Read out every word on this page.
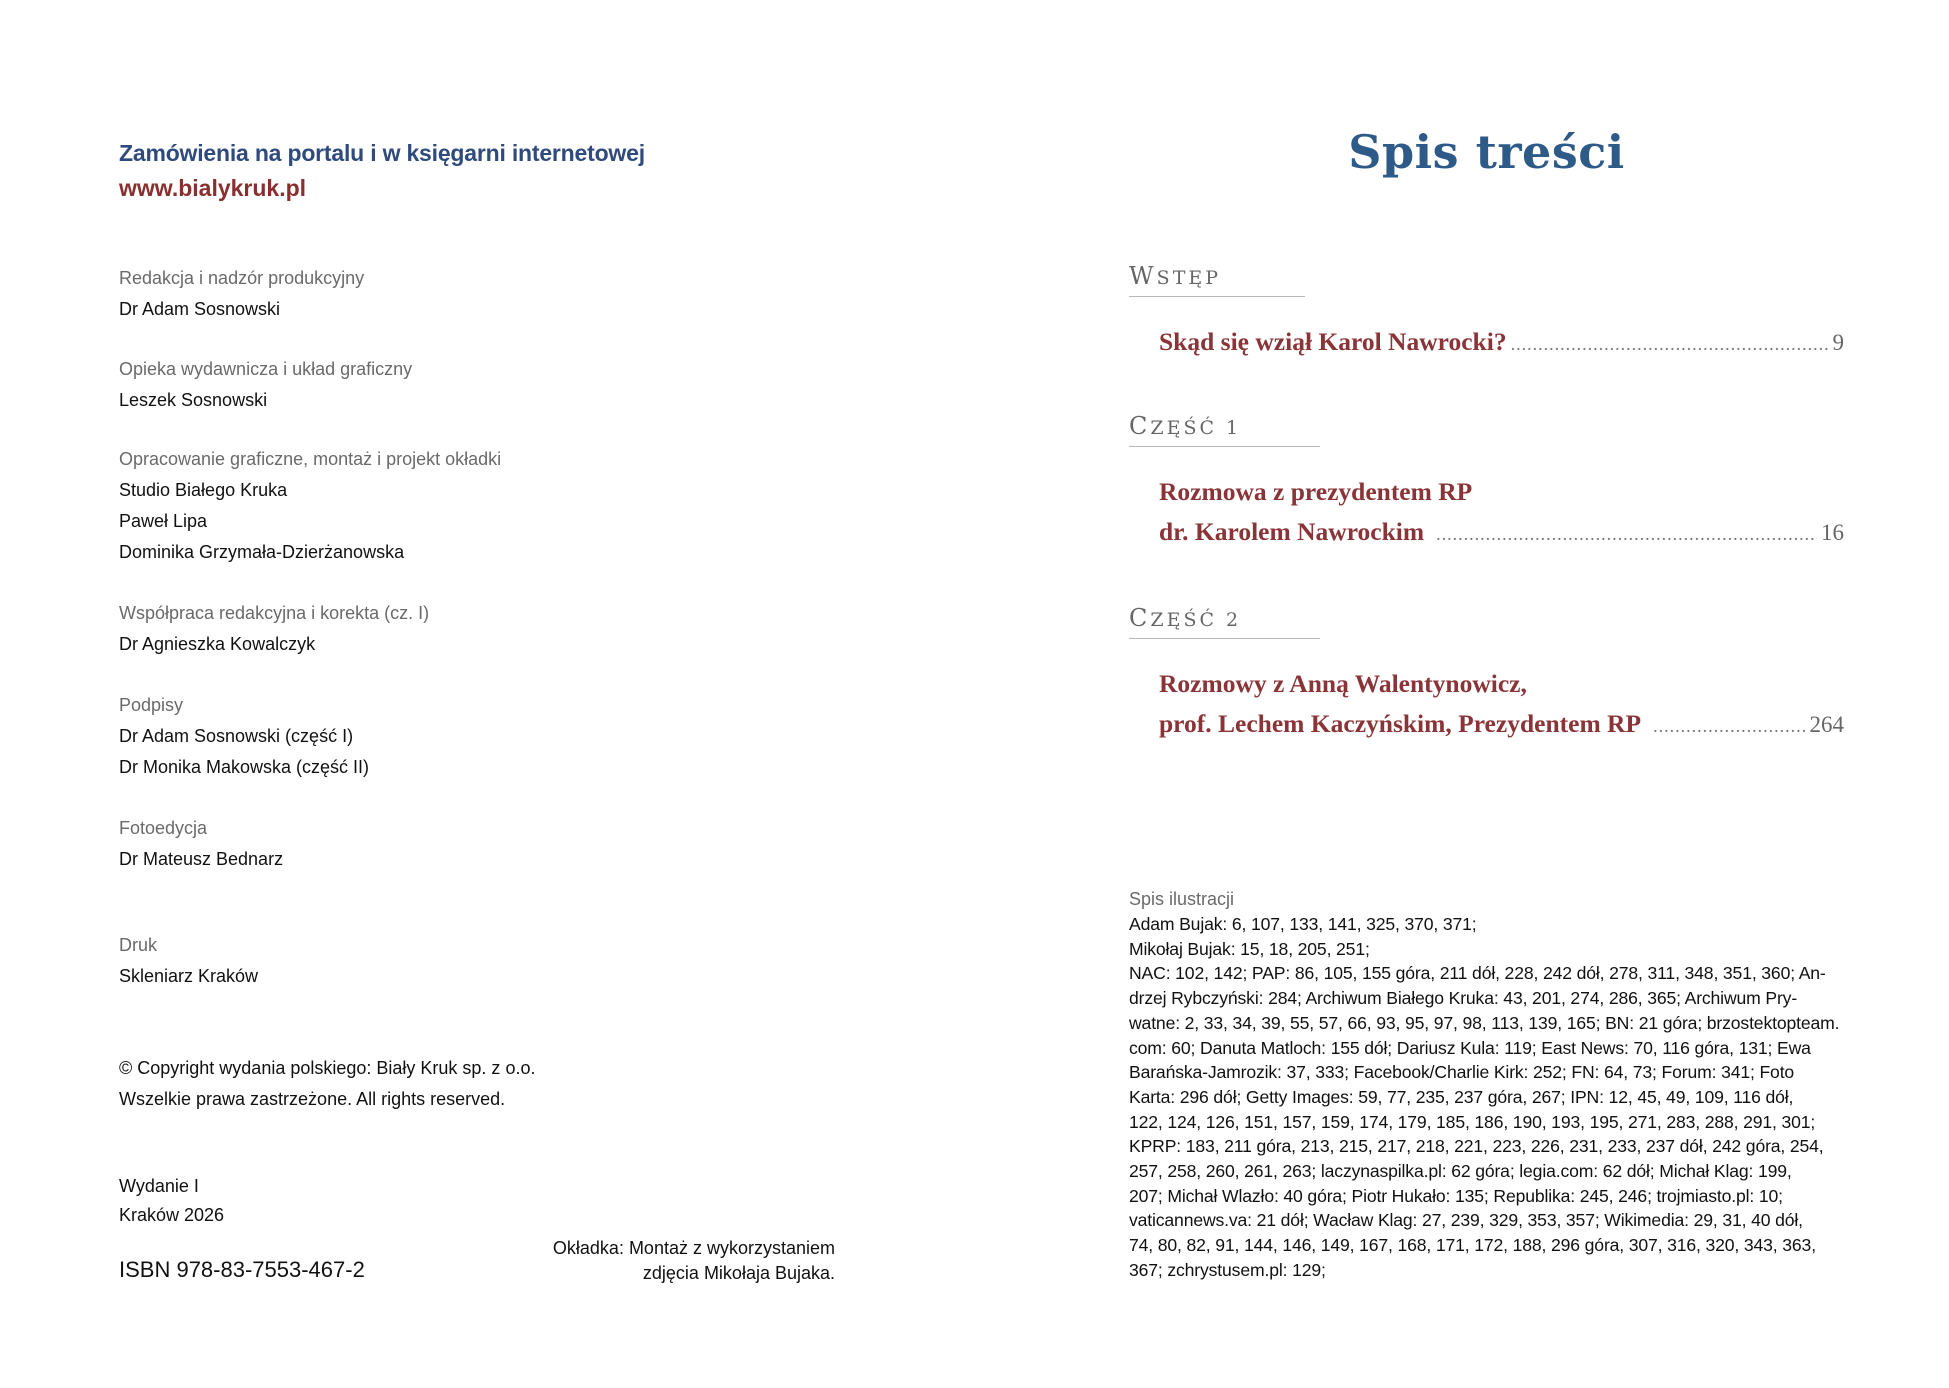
Zamówienia na portalu i w księgarni internetowej
www.bialykruk.pl
Redakcja i nadzór produkcyjny
Dr Adam Sosnowski
Opieka wydawnicza i układ graficzny
Leszek Sosnowski
Opracowanie graficzne, montaż i projekt okładki
Studio Białego Kruka
Paweł Lipa
Dominika Grzymała-Dzierżanowska
Współpraca redakcyjna i korekta (cz. I)
Dr Agnieszka Kowalczyk
Podpisy
Dr Adam Sosnowski (część I)
Dr Monika Makowska (część II)
Fotoedycja
Dr Mateusz Bednarz
Druk
Skleniarz Kraków
© Copyright wydania polskiego: Biały Kruk sp. z o.o.
Wszelkie prawa zastrzeżone. All rights reserved.
Wydanie I
Kraków 2026
ISBN 978-83-7553-467-2
Okładka: Montaż z wykorzystaniem
zdjęcia Mikołaja Bujaka.
Spis treści
WSTĘP
Skąd się wziął Karol Nawrocki? .....	9
CZĘŚĆ 1
Rozmowa z prezydentem RP
dr. Karolem Nawrockim .....	16
CZĘŚĆ 2
Rozmowy z Anną Walentynowicz,
prof. Lechem Kaczyńskim, Prezydentem RP .....	264
Spis ilustracji
Adam Bujak: 6, 107, 133, 141, 325, 370, 371;
Mikołaj Bujak: 15, 18, 205, 251;
NAC: 102, 142; PAP: 86, 105, 155 góra, 211 dół, 228, 242 dół, 278, 311, 348, 351, 360; An-
drzej Rybczyński: 284; Archiwum Białego Kruka: 43, 201, 274, 286, 365; Archiwum Pry-
watne: 2, 33, 34, 39, 55, 57, 66, 93, 95, 97, 98, 113, 139, 165; BN: 21 góra; brzostektopteam.
com: 60; Danuta Matloch: 155 dół; Dariusz Kula: 119; East News: 70, 116 góra, 131; Ewa
Barańska-Jamrozik: 37, 333; Facebook/Charlie Kirk: 252; FN: 64, 73; Forum: 341; Foto
Karta: 296 dół; Getty Images: 59, 77, 235, 237 góra, 267; IPN: 12, 45, 49, 109, 116 dół,
122, 124, 126, 151, 157, 159, 174, 179, 185, 186, 190, 193, 195, 271, 283, 288, 291, 301;
KPRP: 183, 211 góra, 213, 215, 217, 218, 221, 223, 226, 231, 233, 237 dół, 242 góra, 254,
257, 258, 260, 261, 263; laczynaspilka.pl: 62 góra; legia.com: 62 dół; Michał Klag: 199,
207; Michał Wlazło: 40 góra; Piotr Hukało: 135; Republika: 245, 246; trojmiasto.pl: 10;
vaticannews.va: 21 dół; Wacław Klag: 27, 239, 329, 353, 357; Wikimedia: 29, 31, 40 dół,
74, 80, 82, 91, 144, 146, 149, 167, 168, 171, 172, 188, 296 góra, 307, 316, 320, 343, 363,
367; zchrystusem.pl: 129;
